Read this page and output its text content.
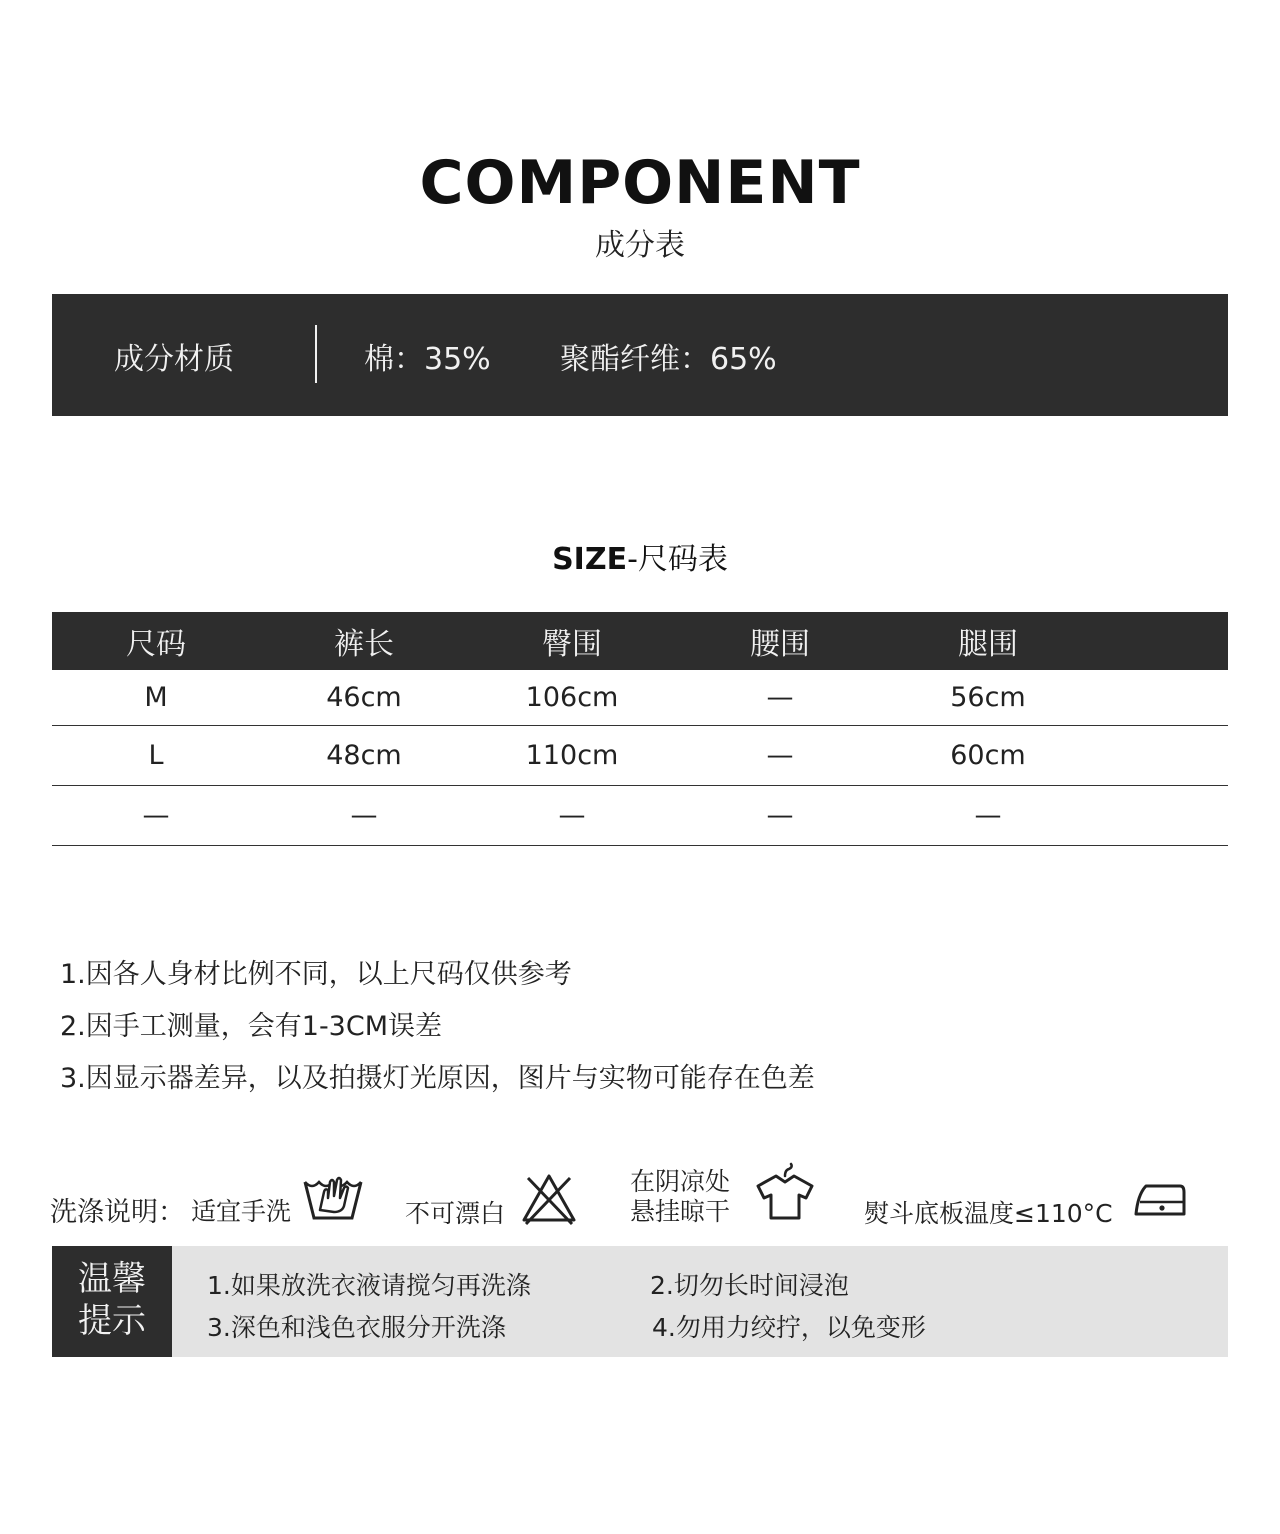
COMPONENT
成分表
成分材质	棉：35% 聚酯纤维：65%
SIZE-尺码表
尺码	裤长	臀围	腰围	腿围
M	46cm	106cm	—	56cm
L	48cm	110cm	—	60cm
—	—	—	—	—
1.因各人身材比例不同，以上尺码仅供参考
2.因手工测量，会有1-3CM误差
3.因显示器差异，以及拍摄灯光原因，图片与实物可能存在色差
洗涤说明： 适宜手洗	不可漂白
在阴凉处
悬挂晾干	熨斗底板温度≤110°C
温馨
提示
1.如果放洗衣液请搅匀再洗涤	2.切勿长时间浸泡
3.深色和浅色衣服分开洗涤	4.勿用力绞拧，以免变形
